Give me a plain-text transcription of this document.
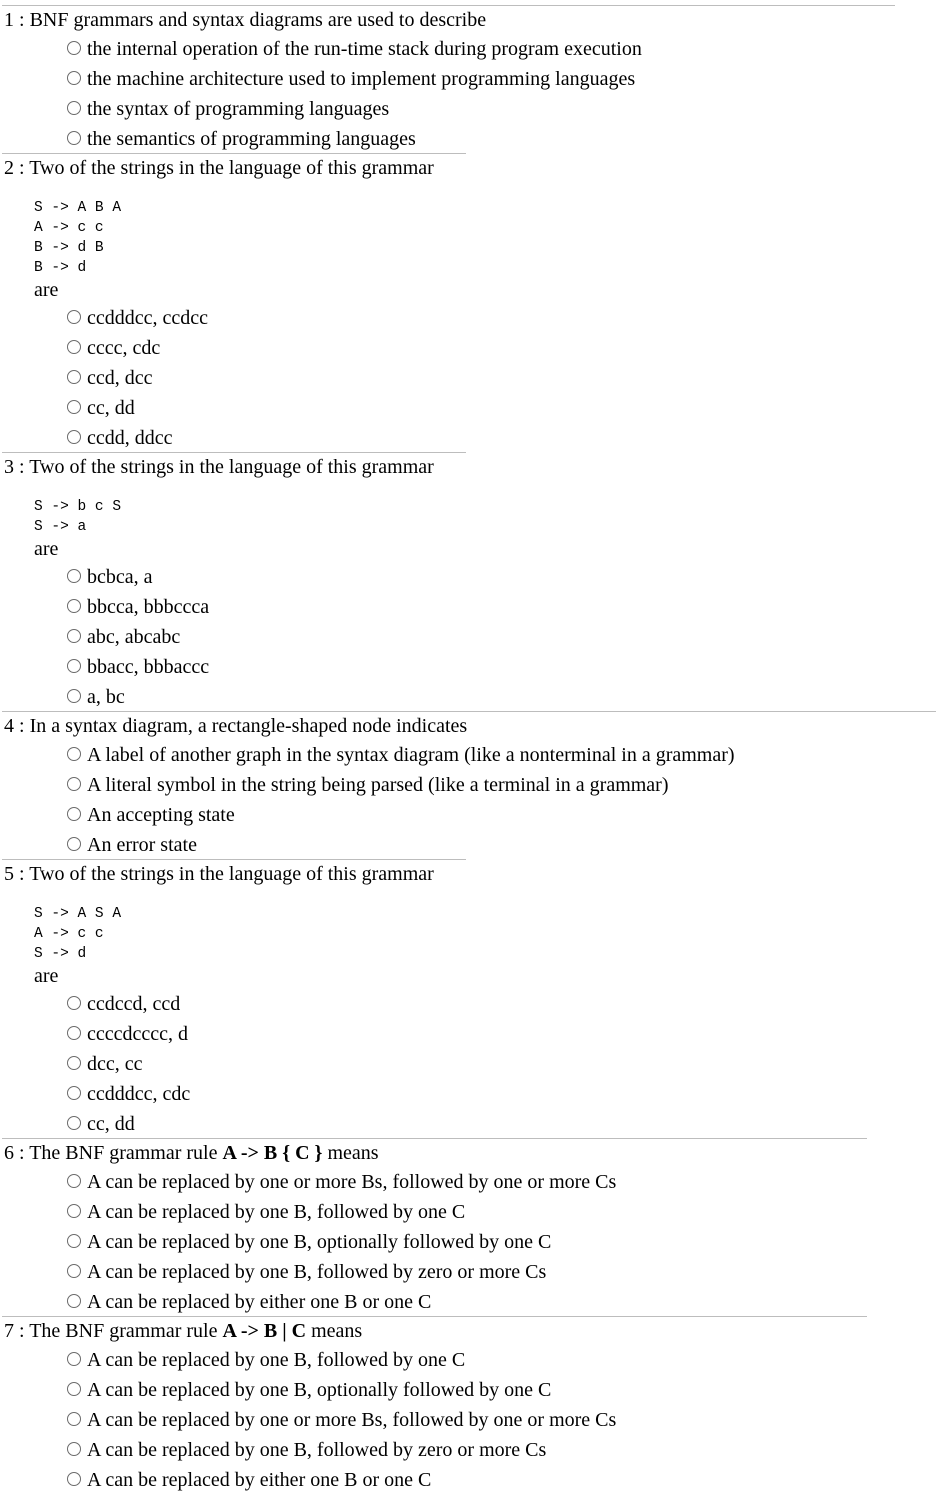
1 : BNF grammars and syntax diagrams are used to describe
the internal operation of the run-time stack during program execution
the machine architecture used to implement programming languages
the syntax of programming languages
the semantics of programming languages
2 : Two of the strings in the language of this grammar
S -> A B A
A -> c c
B -> d B
B -> d
are
ccdddcc, ccdcc
cccc, cdc
ccd, dcc
cc, dd
ccdd, ddcc
3 : Two of the strings in the language of this grammar
S -> b c S
S -> a
are
bcbca, a
bbcca, bbbccca
abc, abcabc
bbacc, bbbaccc
a, bc
4 : In a syntax diagram, a rectangle-shaped node indicates
A label of another graph in the syntax diagram (like a nonterminal in a grammar)
A literal symbol in the string being parsed (like a terminal in a grammar)
An accepting state
An error state
5 : Two of the strings in the language of this grammar
S -> A S A
A -> c c
S -> d
are
ccdccd, ccd
ccccdcccc, d
dcc, cc
ccdddcc, cdc
cc, dd
6 : The BNF grammar rule A -> B { C } means
A can be replaced by one or more Bs, followed by one or more Cs
A can be replaced by one B, followed by one C
A can be replaced by one B, optionally followed by one C
A can be replaced by one B, followed by zero or more Cs
A can be replaced by either one B or one C
7 : The BNF grammar rule A -> B | C means
A can be replaced by one B, followed by one C
A can be replaced by one B, optionally followed by one C
A can be replaced by one or more Bs, followed by one or more Cs
A can be replaced by one B, followed by zero or more Cs
A can be replaced by either one B or one C
